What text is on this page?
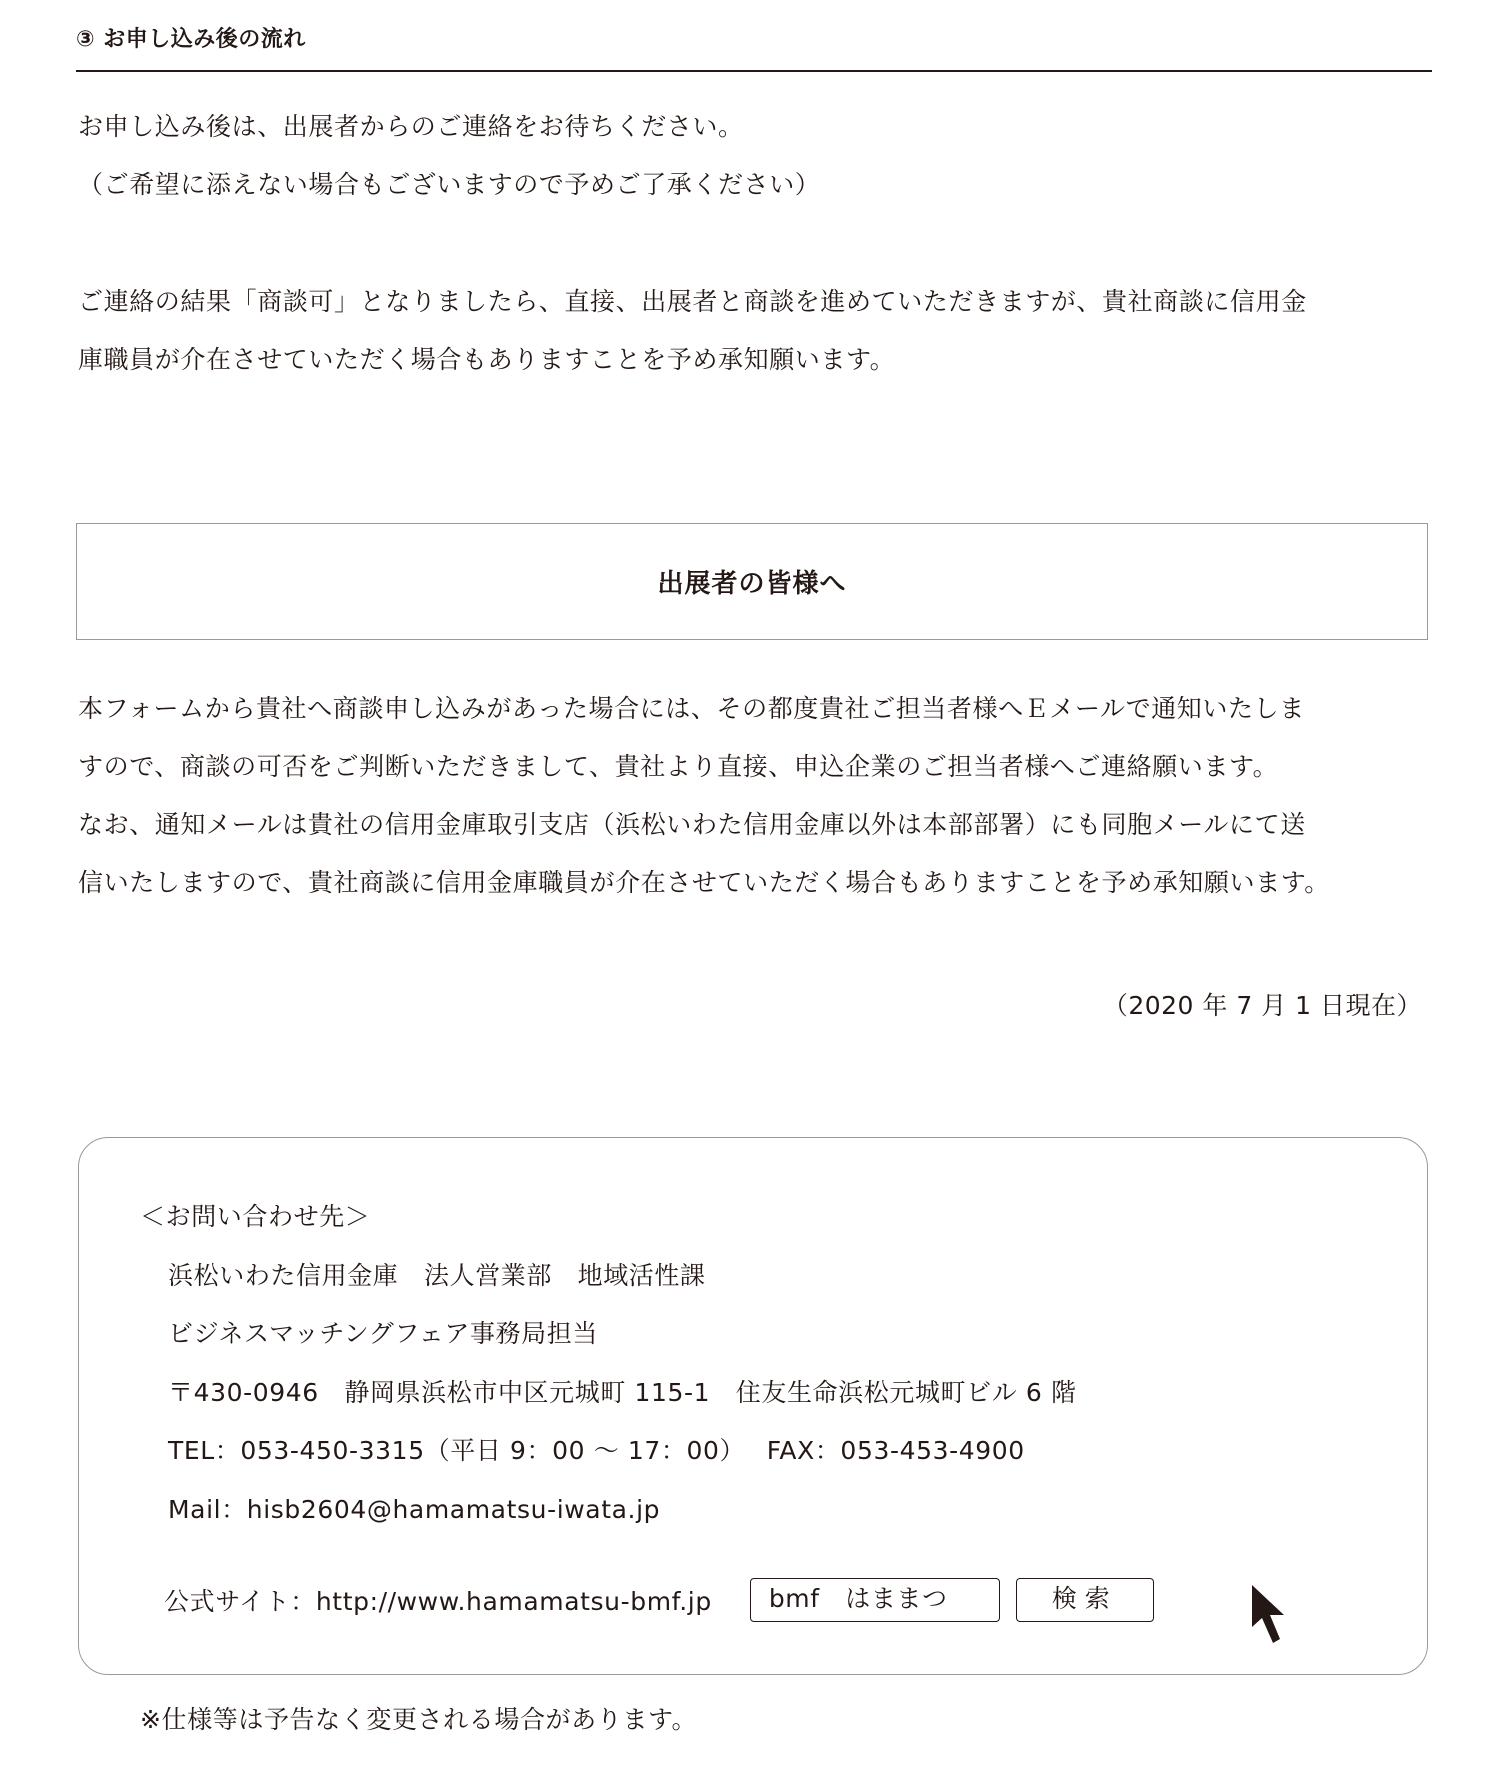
③ お申し込み後の流れ
お申し込み後は、出展者からのご連絡をお待ちください。
（ご希望に添えない場合もございますので予めご了承ください）
ご連絡の結果「商談可」となりましたら、直接、出展者と商談を進めていただきますが、貴社商談に信用金
庫職員が介在させていただく場合もありますことを予め承知願います。
出展者の皆様へ
本フォームから貴社へ商談申し込みがあった場合には、その都度貴社ご担当者様へＥメールで通知いたしま
すので、商談の可否をご判断いただきまして、貴社より直接、申込企業のご担当者様へご連絡願います。
なお、通知メールは貴社の信用金庫取引支店（浜松いわた信用金庫以外は本部部署）にも同胞メールにて送
信いたしますので、貴社商談に信用金庫職員が介在させていただく場合もありますことを予め承知願います。
（2020 年 7 月 1 日現在）
＜お問い合わせ先＞
浜松いわた信用金庫　法人営業部　地域活性課
ビジネスマッチングフェア事務局担当
〒430-0946　静岡県浜松市中区元城町 115-1　住友生命浜松元城町ビル 6 階
TEL：053-450-3315（平日 9：00 ～ 17：00）　 FAX：053-453-4900
Mail：hisb2604@hamamatsu-iwata.jp
公式サイト：http://www.hamamatsu-bmf.jp	bmf　はままつ	検索
※仕様等は予告なく変更される場合があります。
